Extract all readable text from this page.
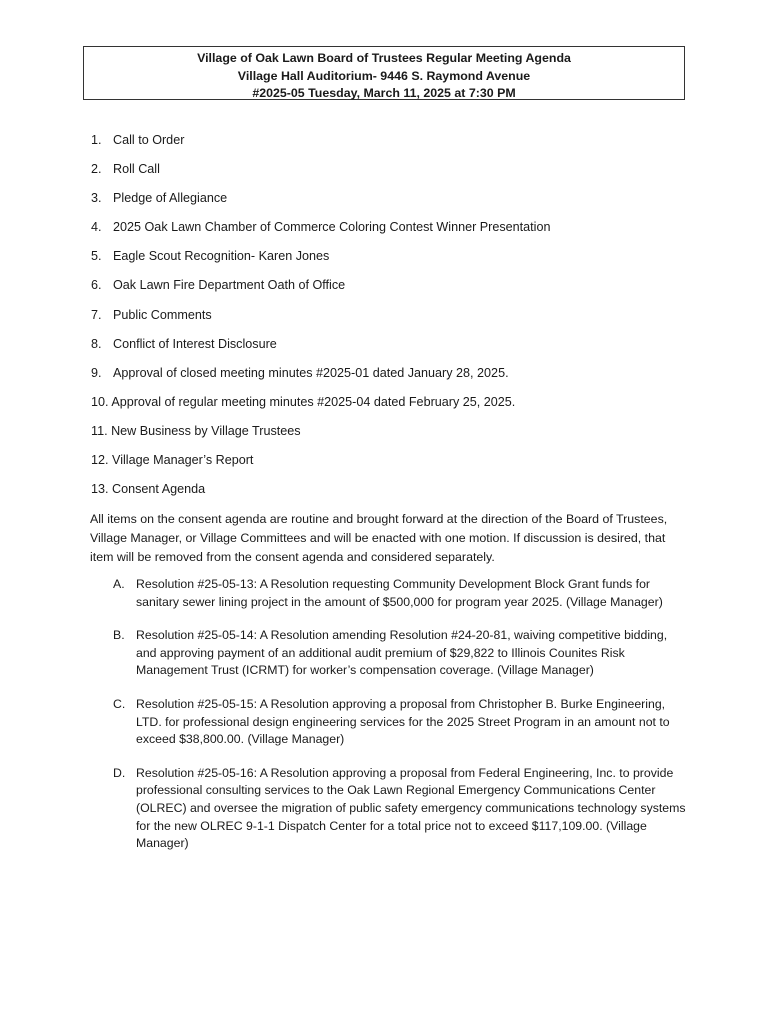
Village of Oak Lawn Board of Trustees Regular Meeting Agenda
Village Hall Auditorium- 9446 S. Raymond Avenue
#2025-05 Tuesday, March 11, 2025 at 7:30 PM
1. Call to Order
2. Roll Call
3. Pledge of Allegiance
4. 2025 Oak Lawn Chamber of Commerce Coloring Contest Winner Presentation
5. Eagle Scout Recognition- Karen Jones
6. Oak Lawn Fire Department Oath of Office
7. Public Comments
8. Conflict of Interest Disclosure
9. Approval of closed meeting minutes #2025-01 dated January 28, 2025.
10. Approval of regular meeting minutes #2025-04 dated February 25, 2025.
11. New Business by Village Trustees
12. Village Manager’s Report
13. Consent Agenda
All items on the consent agenda are routine and brought forward at the direction of the Board of Trustees, Village Manager, or Village Committees and will be enacted with one motion. If discussion is desired, that item will be removed from the consent agenda and considered separately.
A. Resolution #25-05-13: A Resolution requesting Community Development Block Grant funds for sanitary sewer lining project in the amount of $500,000 for program year 2025. (Village Manager)
B. Resolution #25-05-14: A Resolution amending Resolution #24-20-81, waiving competitive bidding, and approving payment of an additional audit premium of $29,822 to Illinois Counites Risk Management Trust (ICRMT) for worker’s compensation coverage. (Village Manager)
C. Resolution #25-05-15: A Resolution approving a proposal from Christopher B. Burke Engineering, LTD. for professional design engineering services for the 2025 Street Program in an amount not to exceed $38,800.00. (Village Manager)
D. Resolution #25-05-16: A Resolution approving a proposal from Federal Engineering, Inc. to provide professional consulting services to the Oak Lawn Regional Emergency Communications Center (OLREC) and oversee the migration of public safety emergency communications technology systems for the new OLREC 9-1-1 Dispatch Center for a total price not to exceed $117,109.00. (Village Manager)
